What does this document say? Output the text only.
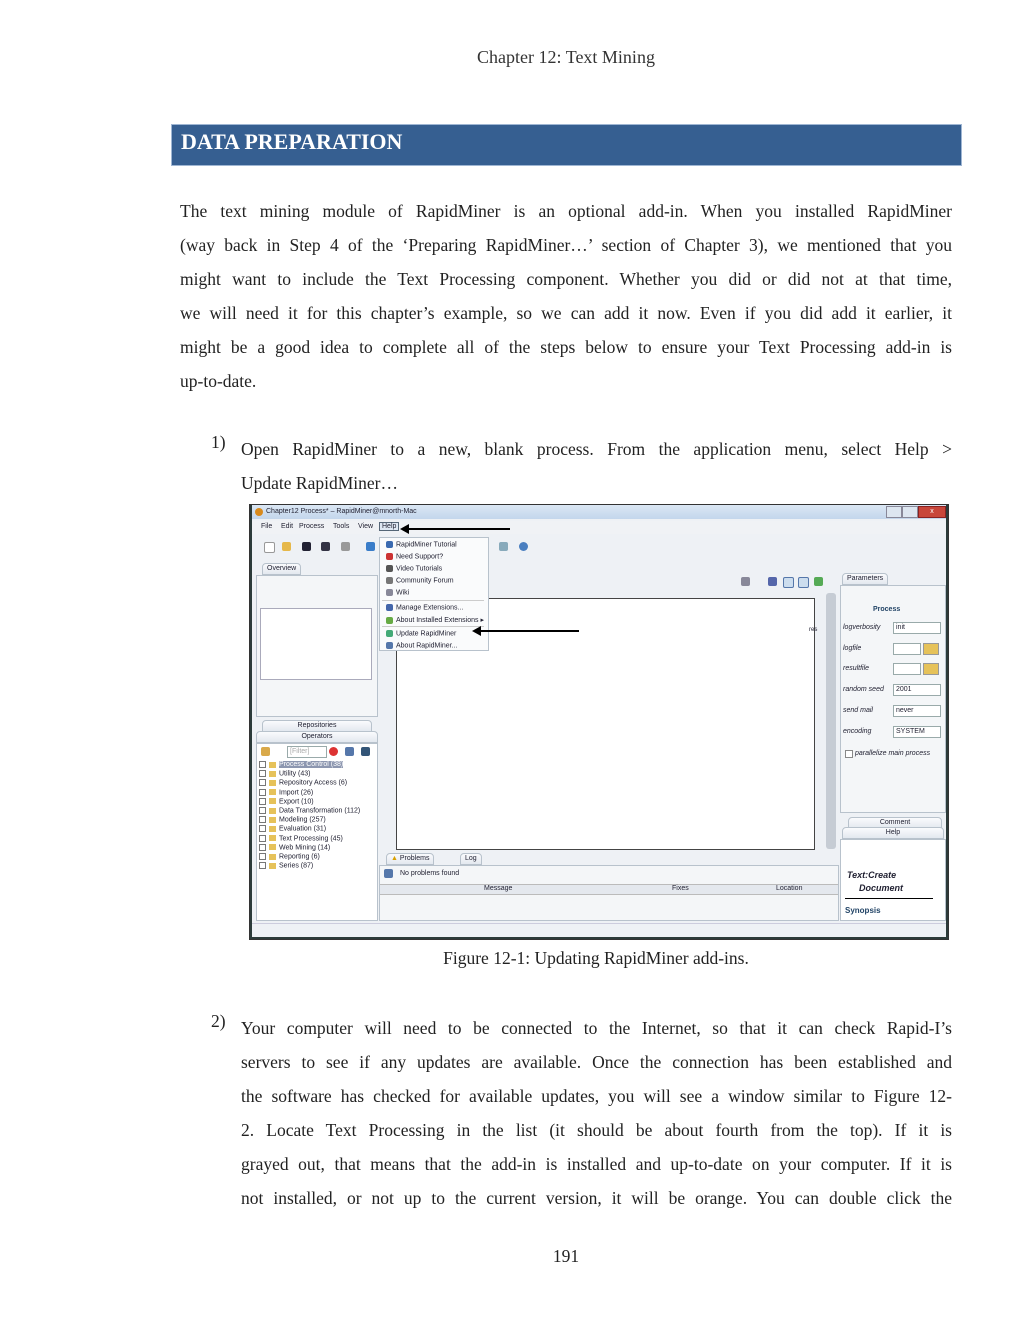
Chapter 12: Text Mining
DATA PREPARATION
The text mining module of RapidMiner is an optional add-in. When you installed RapidMiner
(way back in Step 4 of the ‘Preparing RapidMiner…’ section of Chapter 3), we mentioned that you
might want to include the Text Processing component. Whether you did or did not at that time,
we will need it for this chapter’s example, so we can add it now. Even if you did add it earlier, it
might be a good idea to complete all of the steps below to ensure your Text Processing add-in is
up-to-date.
1) Open RapidMiner to a new, blank process. From the application menu, select Help >
Update RapidMiner…
Chapter12 Process* – RapidMiner@mnorth-Mac	x
File Edit Process Tools View	Help
Overview
Repositories
Operators
[Filter]
Process Control (38)
Utility (43)
Repository Access (6)
Import (26)
Export (10)
Data Transformation (112)
Modeling (257)
Evaluation (31)
Text Processing (45)
Web Mining (14)
Reporting (6)
Series (87)
res
▲ Problems	Log
No problems found
Message	Fixes	Location
Parameters
Process
logverbosity	init
logfile
resultfile
random seed	2001
send mail	never
encoding	SYSTEM
parallelize main process
Comment
Help
Text:Create
Document
Synopsis
RapidMiner Tutorial
Need Support?
Video Tutorials
Community Forum
Wiki
Manage Extensions...
About Installed Extensions ▸
Update RapidMiner
About RapidMiner...
Figure 12-1: Updating RapidMiner add-ins.
2) Your computer will need to be connected to the Internet, so that it can check Rapid-I’s
servers to see if any updates are available. Once the connection has been established and
the software has checked for available updates, you will see a window similar to Figure 12-
2. Locate Text Processing in the list (it should be about fourth from the top). If it is
grayed out, that means that the add-in is installed and up-to-date on your computer. If it is
not installed, or not up to the current version, it will be orange. You can double click the
191
